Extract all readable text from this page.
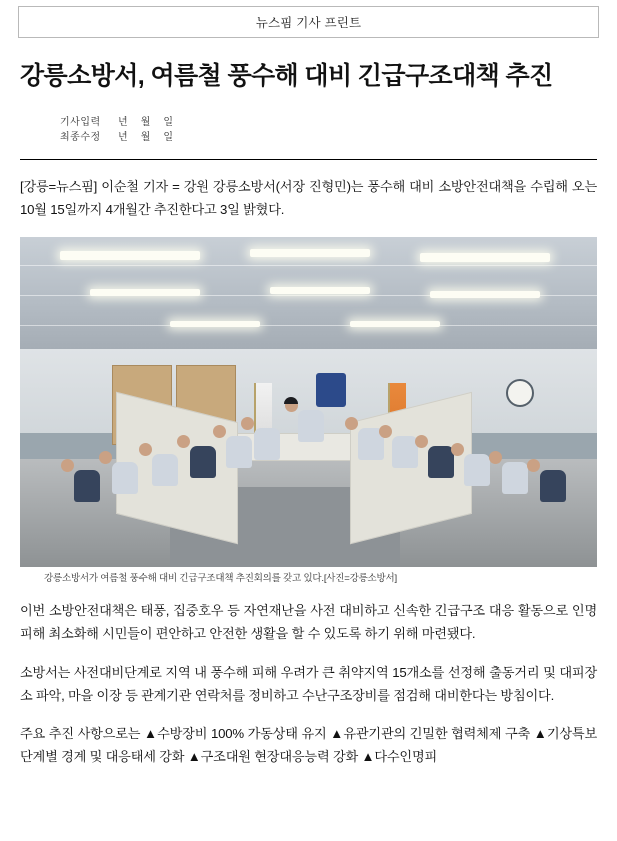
뉴스핌 기사 프린트
강릉소방서, 여름철 풍수해 대비 긴급구조대책 추진
기사입력	년  월  일
최종수정	년  월  일

[강릉=뉴스핌] 이순철 기자 = 강원 강릉소방서(서장 진형민)는 풍수해 대비 소방안전대책을 수립해 오는 10월 15일까지 4개월간 추진한다고 3일 밝혔다.

강릉소방서가 여름철 풍수해 대비 긴급구조대책 추진회의를 갖고 있다.[사진=강릉소방서]

이번 소방안전대책은 태풍, 집중호우 등 자연재난을 사전 대비하고 신속한 긴급구조 대응 활동으로 인명피해 최소화해 시민들이 편안하고 안전한 생활을 할 수 있도록 하기 위해 마련됐다.

소방서는 사전대비단계로 지역 내 풍수해 피해 우려가 큰 취약지역 15개소를 선정해 출동거리 및 대피장소 파악, 마을 이장 등 관계기관 연락처를 정비하고 수난구조장비를 점검해 대비한다는 방침이다.

주요 추진 사항으로는 ▲수방장비 100% 가동상태 유지 ▲유관기관의 긴밀한 협력체제 구축 ▲기상특보 단계별 경계 및 대응태세 강화 ▲구조대원 현장대응능력 강화 ▲다수인명피
